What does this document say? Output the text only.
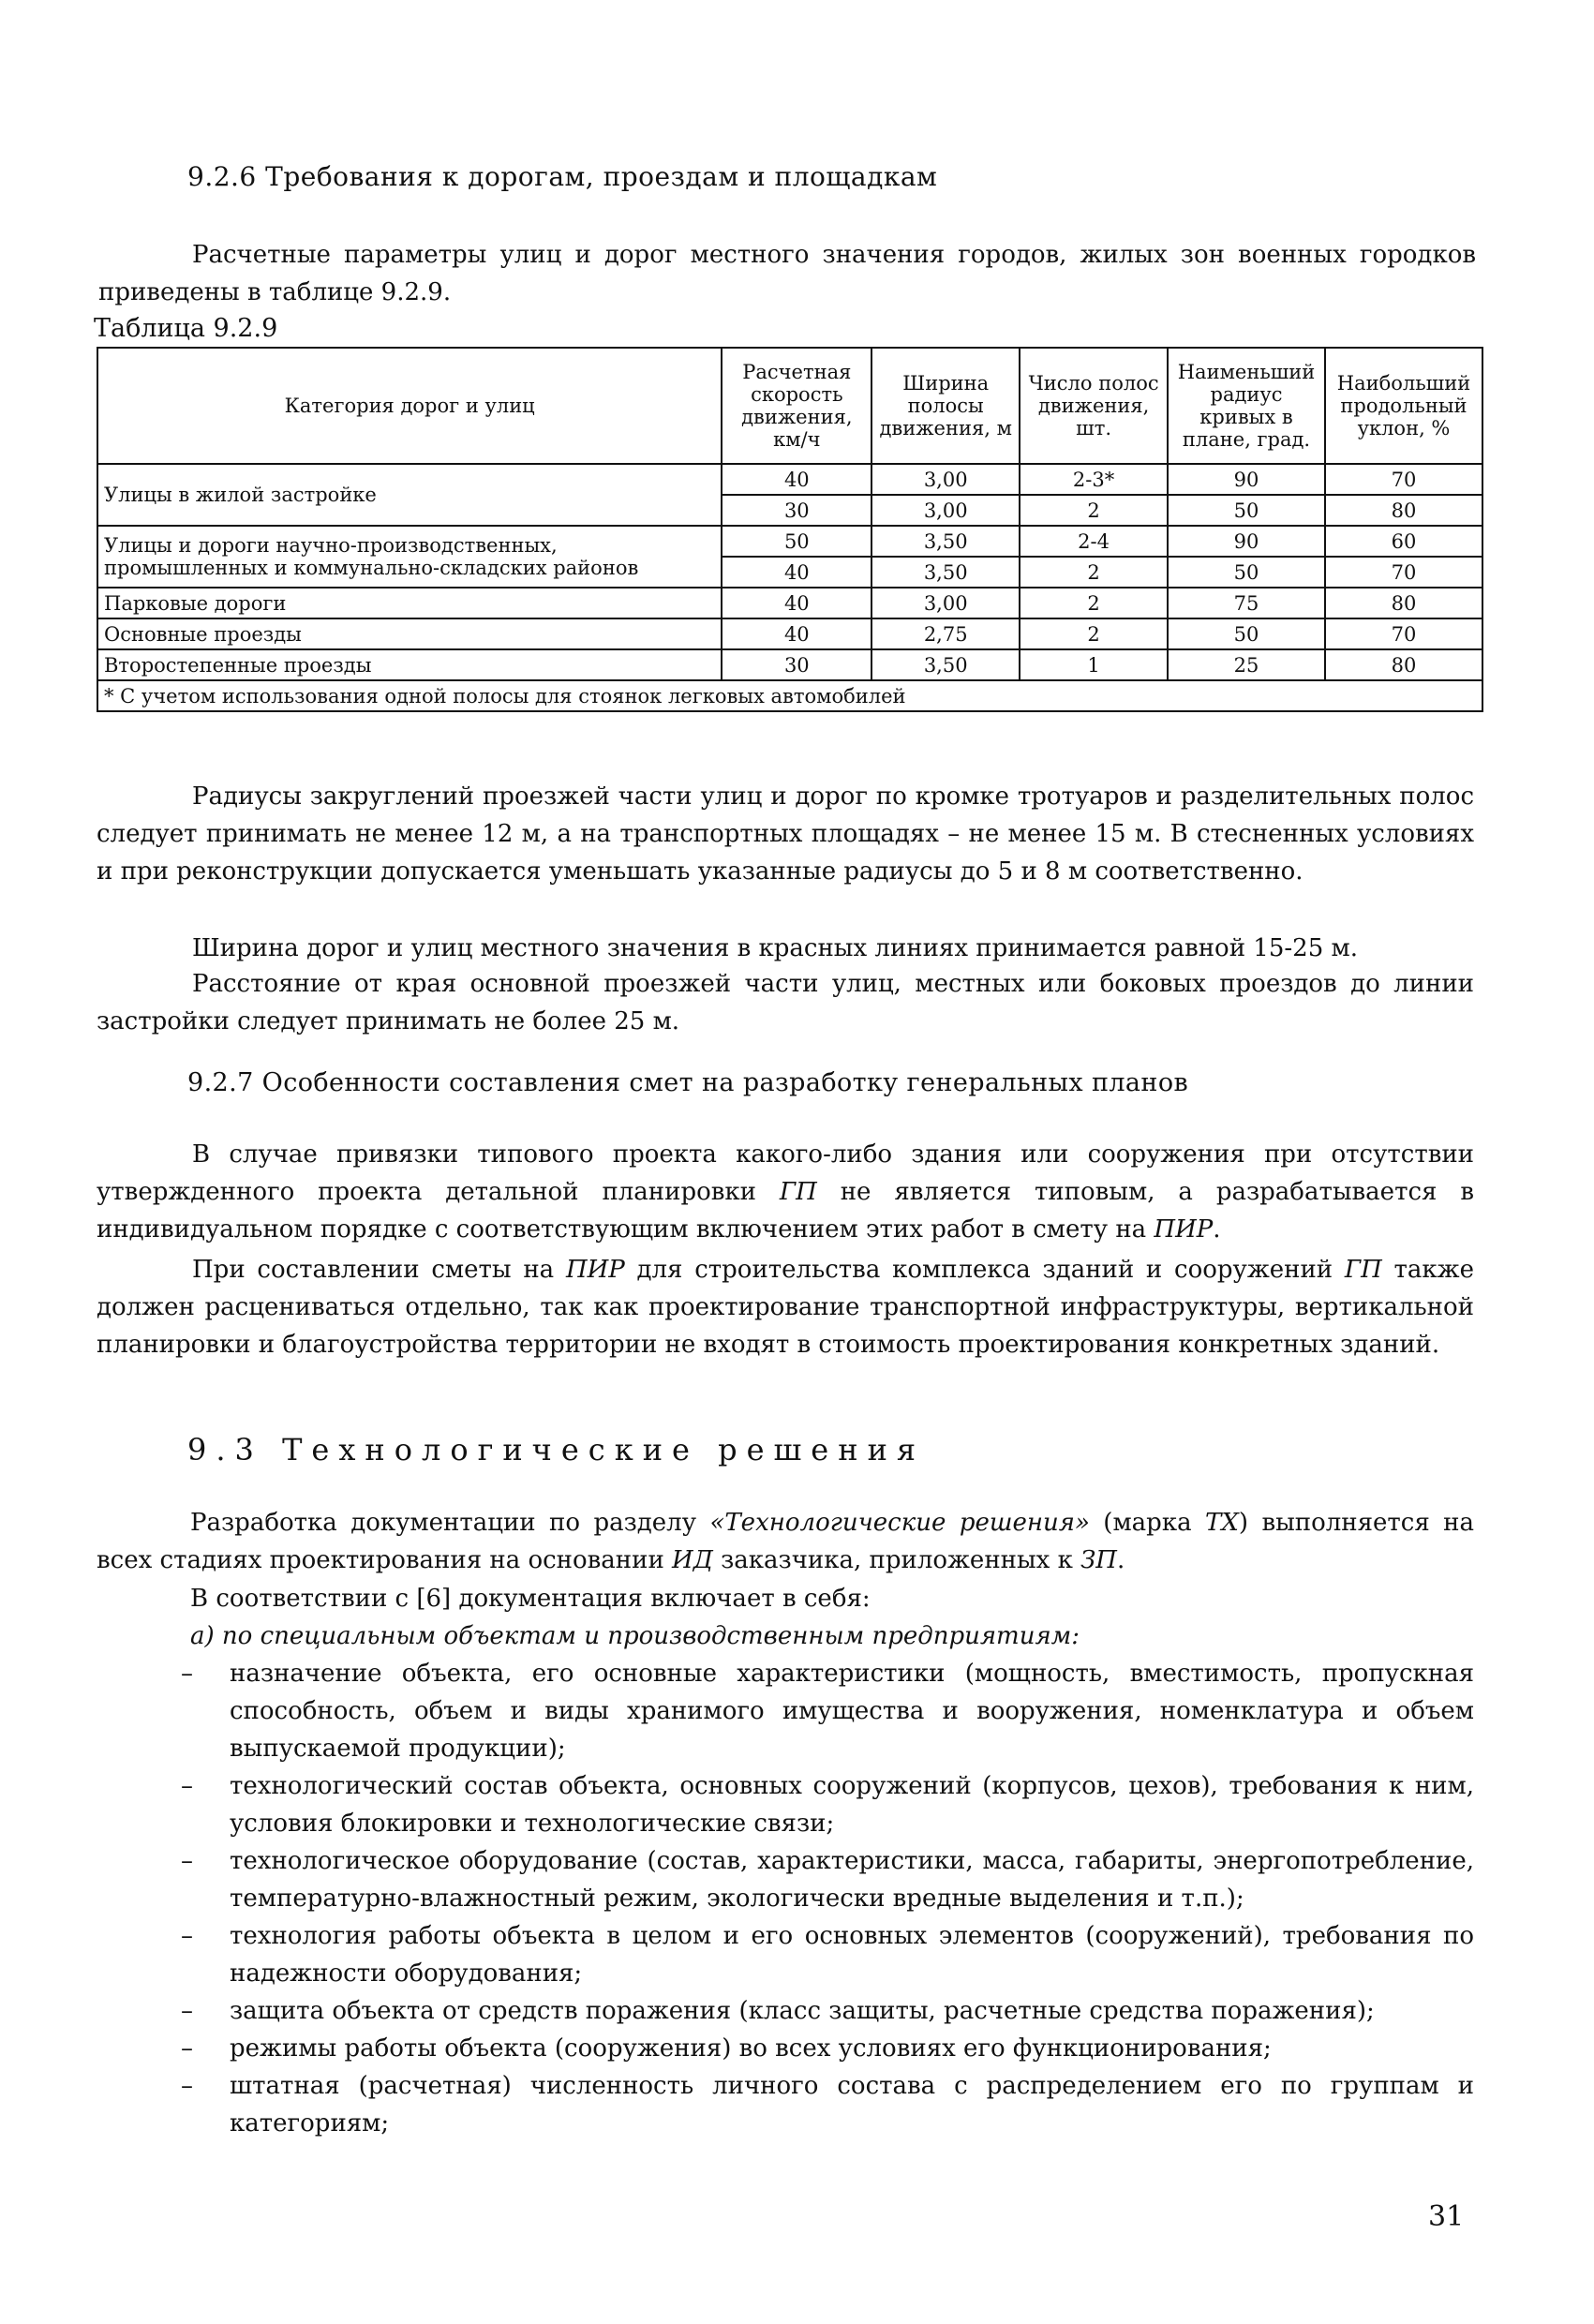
9.2.6 Требования к дорогам, проездам и площадкам
Расчетные параметры улиц и дорог местного значения городов, жилых зон военных городков приведены в таблице 9.2.9.
Таблица 9.2.9
Категория дорог и улиц	Расчетная скорость движения, км/ч	Ширина полосы движения, м	Число полос движения, шт.	Наименьший радиус кривых в плане, град.	Наибольший продольный уклон, %
Улицы в жилой застройке	40	3,00	2-3*	90	70
	30	3,00	2	50	80
Улицы и дороги научно-производственных, промышленных и коммунально-складских районов	50	3,50	2-4	90	60
	40	3,50	2	50	70
Парковые дороги	40	3,00	2	75	80
Основные проезды	40	2,75	2	50	70
Второстепенные проезды	30	3,50	1	25	80
* С учетом использования одной полосы для стоянок легковых автомобилей					
Радиусы закруглений проезжей части улиц и дорог по кромке тротуаров и разделительных полос следует принимать не менее 12 м, а на транспортных площадях – не менее 15 м. В стесненных условиях и при реконструкции допускается уменьшать указанные радиусы до 5 и 8 м соответственно.
Ширина дорог и улиц местного значения в красных линиях принимается равной 15-25 м.
Расстояние от края основной проезжей части улиц, местных или боковых проездов до линии застройки следует принимать не более 25 м.
9.2.7 Особенности составления смет на разработку генеральных планов
В случае привязки типового проекта какого-либо здания или сооружения при отсутствии утвержденного проекта детальной планировки ГП не является типовым, а разрабатывается в индивидуальном порядке с соответствующим включением этих работ в смету на ПИР.
При составлении сметы на ПИР для строительства комплекса зданий и сооружений ГП также должен расцениваться отдельно, так как проектирование транспортной инфраструктуры, вертикальной планировки и благоустройства территории не входят в стоимость проектирования конкретных зданий.
9.3 Технологические решения
Разработка документации по разделу «Технологические решения» (марка ТХ) выполняется на всех стадиях проектирования на основании ИД заказчика, приложенных к ЗП.
В соответствии с [6] документация включает в себя:
а) по специальным объектам и производственным предприятиям:
–	назначение объекта, его основные характеристики (мощность, вместимость, пропускная способность, объем и виды хранимого имущества и вооружения, номенклатура и объем выпускаемой продукции);
–	технологический состав объекта, основных сооружений (корпусов, цехов), требования к ним, условия блокировки и технологические связи;
–	технологическое оборудование (состав, характеристики, масса, габариты, энергопотребление, температурно-влажностный режим, экологически вредные выделения и т.п.);
–	технология работы объекта в целом и его основных элементов (сооружений), требования по надежности оборудования;
–	защита объекта от средств поражения (класс защиты, расчетные средства поражения);
–	режимы работы объекта (сооружения) во всех условиях его функционирования;
–	штатная (расчетная) численность личного состава с распределением его по группам и категориям;
31
